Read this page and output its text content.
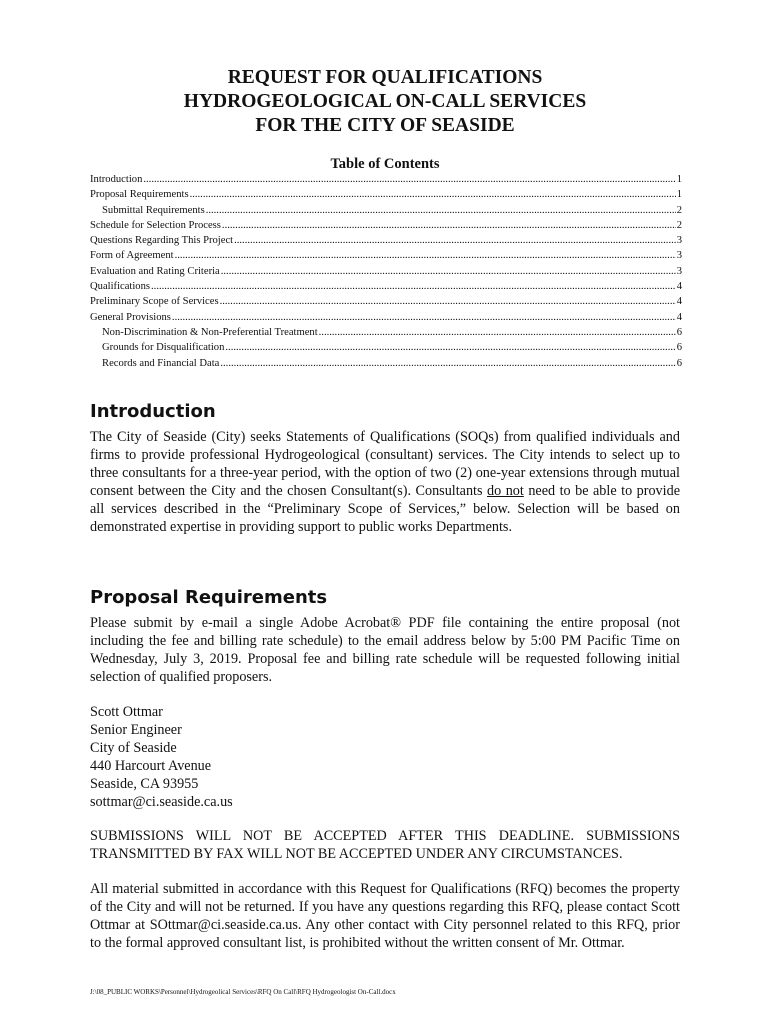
REQUEST FOR QUALIFICATIONS
HYDROGEOLOGICAL ON-CALL SERVICES
FOR THE CITY OF SEASIDE
Table of Contents
Introduction .....	1
Proposal Requirements .....	1
Submittal Requirements .....	2
Schedule for Selection Process .....	2
Questions Regarding This Project .....	3
Form of Agreement .....	3
Evaluation and Rating Criteria .....	3
Qualifications .....	4
Preliminary Scope of Services .....	4
General Provisions .....	4
Non-Discrimination & Non-Preferential Treatment .....	6
Grounds for Disqualification .....	6
Records and Financial Data .....	6
Introduction

The City of Seaside (City) seeks Statements of Qualifications (SOQs) from qualified individuals and firms to provide professional Hydrogeological (consultant) services. The City intends to select up to three consultants for a three-year period, with the option of two (2) one-year extensions through mutual consent between the City and the chosen Consultant(s). Consultants do not need to be able to provide all services described in the “Preliminary Scope of Services,” below. Selection will be based on demonstrated expertise in providing support to public works Departments.

Proposal Requirements
Please submit by e-mail a single Adobe Acrobat® PDF file containing the entire proposal (not including the fee and billing rate schedule) to the email address below by 5:00 PM Pacific Time on Wednesday, July 3, 2019. Proposal fee and billing rate schedule will be requested following initial selection of qualified proposers.
Scott Ottmar
Senior Engineer
City of Seaside
440 Harcourt Avenue
Seaside, CA 93955
sottmar@ci.seaside.ca.us
SUBMISSIONS WILL NOT BE ACCEPTED AFTER THIS DEADLINE. SUBMISSIONS TRANSMITTED BY FAX WILL NOT BE ACCEPTED UNDER ANY CIRCUMSTANCES.
All material submitted in accordance with this Request for Qualifications (RFQ) becomes the property of the City and will not be returned. If you have any questions regarding this RFQ, please contact Scott Ottmar at SOttmar@ci.seaside.ca.us. Any other contact with City personnel related to this RFQ, prior to the formal approved consultant list, is prohibited without the written consent of Mr. Ottmar.
J:\08_PUBLIC WORKS\Personnel\Hydrogeolical Services\RFQ On Call\RFQ Hydrogeologist On-Call.docx
